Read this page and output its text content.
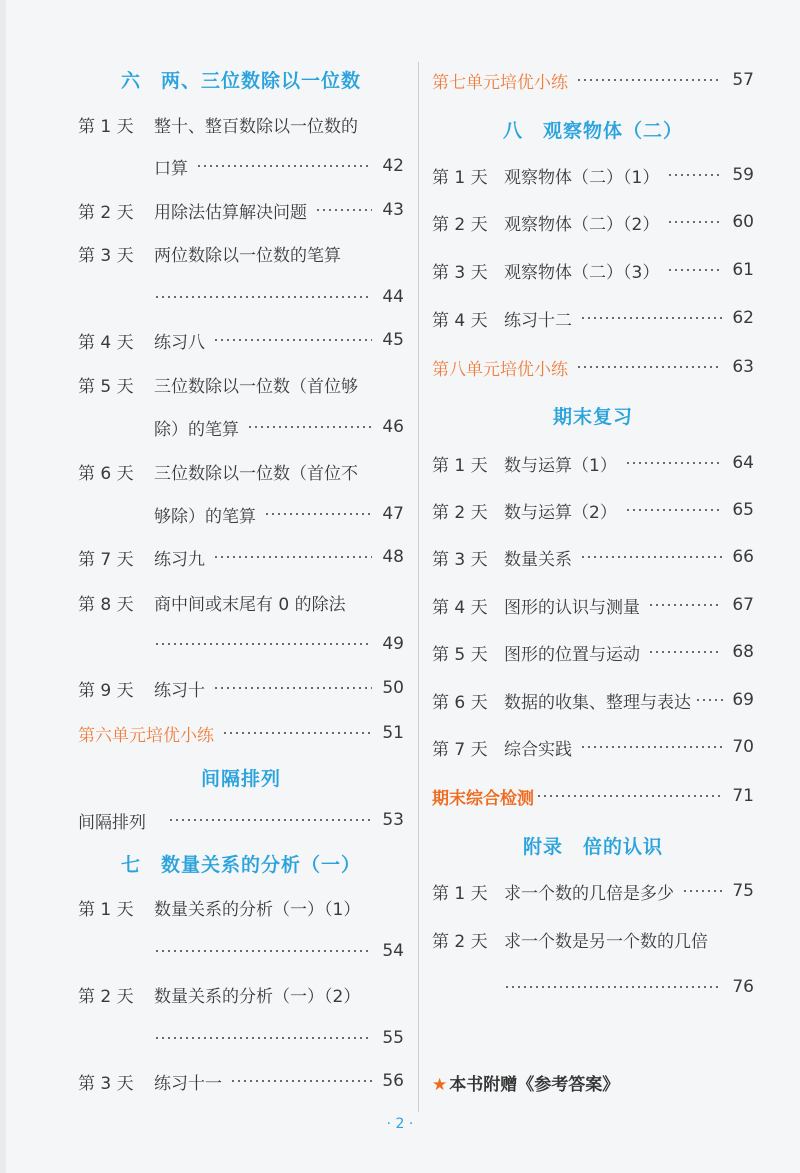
六　两、三位数除以一位数
第 1 天	整十、整百数除以一位数的
口算	42
第 2 天	用除法估算解决问题	43
第 3 天	两位数除以一位数的笔算
44
第 4 天	练习八	45
第 5 天	三位数除以一位数（首位够
除）的笔算	46
第 6 天	三位数除以一位数（首位不
够除）的笔算	47
第 7 天	练习九	48
第 8 天	商中间或末尾有 0 的除法
49
第 9 天	练习十	50
第六单元培优小练	51
间隔排列
间隔排列	53
七　数量关系的分析（一）
第 1 天	数量关系的分析（一）（1）
54
第 2 天	数量关系的分析（一）（2）
55
第 3 天	练习十一	56
第七单元培优小练	57
八　观察物体（二）
第 1 天 观察物体（二）（1）	59
第 2 天 观察物体（二）（2）	60
第 3 天 观察物体（二）（3）	61
第 4 天 练习十二	62
第八单元培优小练	63
期末复习
第 1 天 数与运算（1）	64
第 2 天 数与运算（2）	65
第 3 天 数量关系	66
第 4 天 图形的认识与测量	67
第 5 天 图形的位置与运动	68
第 6 天 数据的收集、整理与表达 69
第 7 天 综合实践	70
期末综合检测	71
附录　倍的认识
第 1 天 求一个数的几倍是多少	75
第 2 天 求一个数是另一个数的几倍
76
★ 本书附赠《参考答案》
· 2 ·
